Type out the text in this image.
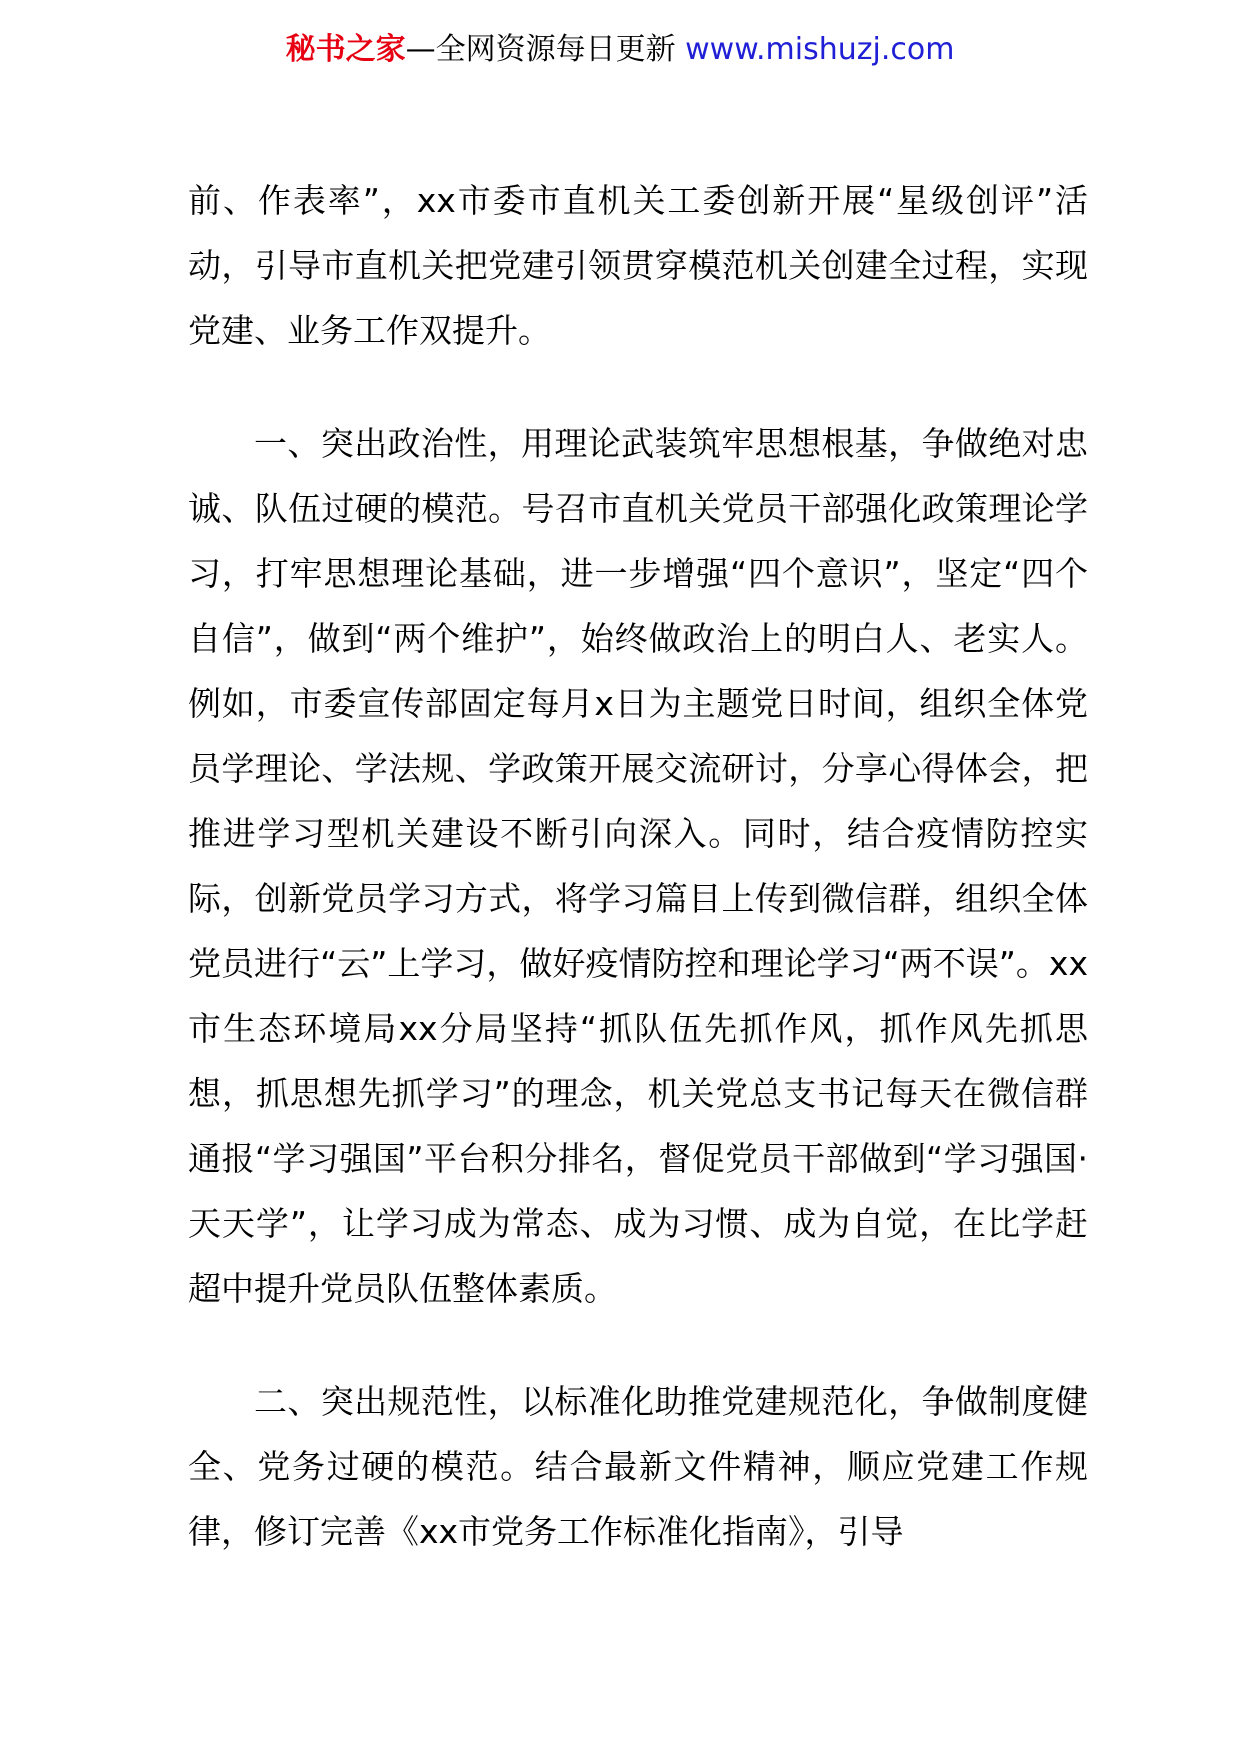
秘书之家—全网资源每日更新 www.mishuzj.com

前、作表率”，xx市委市直机关工委创新开展“星级创评”活动，引导市直机关把党建引领贯穿模范机关创建全过程，实现党建、业务工作双提升。

一、突出政治性，用理论武装筑牢思想根基，争做绝对忠诚、队伍过硬的模范。号召市直机关党员干部强化政策理论学习，打牢思想理论基础，进一步增强“四个意识”，坚定“四个自信”，做到“两个维护”，始终做政治上的明白人、老实人。例如，市委宣传部固定每月x日为主题党日时间，组织全体党员学理论、学法规、学政策开展交流研讨，分享心得体会，把推进学习型机关建设不断引向深入。同时，结合疫情防控实际，创新党员学习方式，将学习篇目上传到微信群，组织全体党员进行“云”上学习，做好疫情防控和理论学习“两不误”。xx市生态环境局xx分局坚持“抓队伍先抓作风，抓作风先抓思想，抓思想先抓学习”的理念，机关党总支书记每天在微信群通报“学习强国”平台积分排名，督促党员干部做到“学习强国·天天学”，让学习成为常态、成为习惯、成为自觉，在比学赶超中提升党员队伍整体素质。

二、突出规范性，以标准化助推党建规范化，争做制度健全、党务过硬的模范。结合最新文件精神，顺应党建工作规律，修订完善《xx市党务工作标准化指南》，引导
